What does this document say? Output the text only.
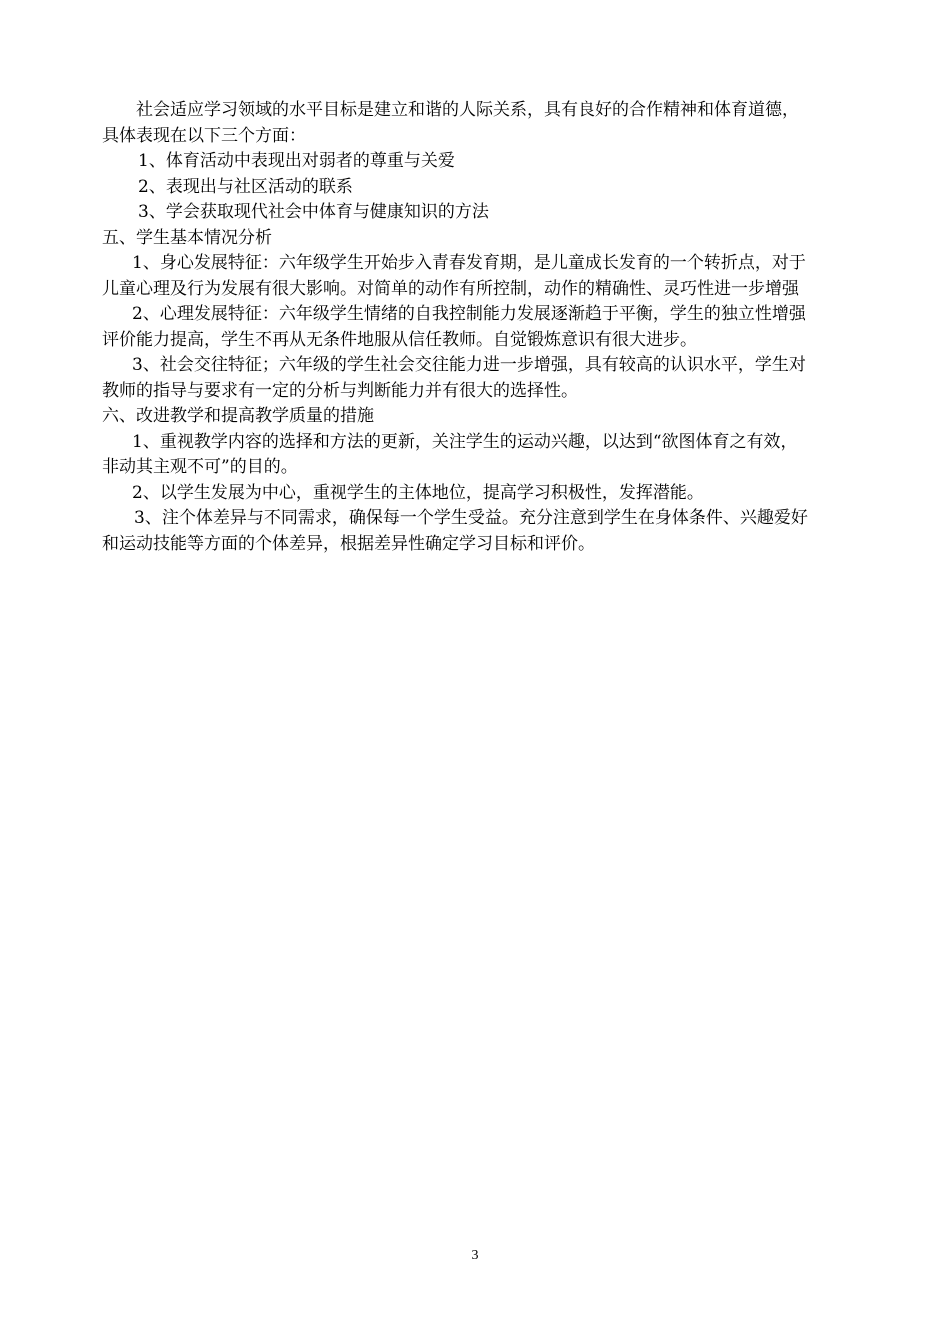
社会适应学习领域的水平目标是建立和谐的人际关系，具有良好的合作精神和体育道德，
具体表现在以下三个方面：
1、体育活动中表现出对弱者的尊重与关爱
2、表现出与社区活动的联系
3、学会获取现代社会中体育与健康知识的方法
五、学生基本情况分析
1、身心发展特征：六年级学生开始步入青春发育期，是儿童成长发育的一个转折点，对于
儿童心理及行为发展有很大影响。对简单的动作有所控制，动作的精确性、灵巧性进一步增强
2、心理发展特征：六年级学生情绪的自我控制能力发展逐渐趋于平衡，学生的独立性增强
评价能力提高，学生不再从无条件地服从信任教师。自觉锻炼意识有很大进步。
3、社会交往特征；六年级的学生社会交往能力进一步增强，具有较高的认识水平，学生对
教师的指导与要求有一定的分析与判断能力并有很大的选择性。
六、改进教学和提高教学质量的措施
1、重视教学内容的选择和方法的更新，关注学生的运动兴趣，以达到“欲图体育之有效，
非动其主观不可”的目的。
2、以学生发展为中心，重视学生的主体地位，提高学习积极性，发挥潜能。
3、注个体差异与不同需求，确保每一个学生受益。充分注意到学生在身体条件、兴趣爱好
和运动技能等方面的个体差异，根据差异性确定学习目标和评价。
3
